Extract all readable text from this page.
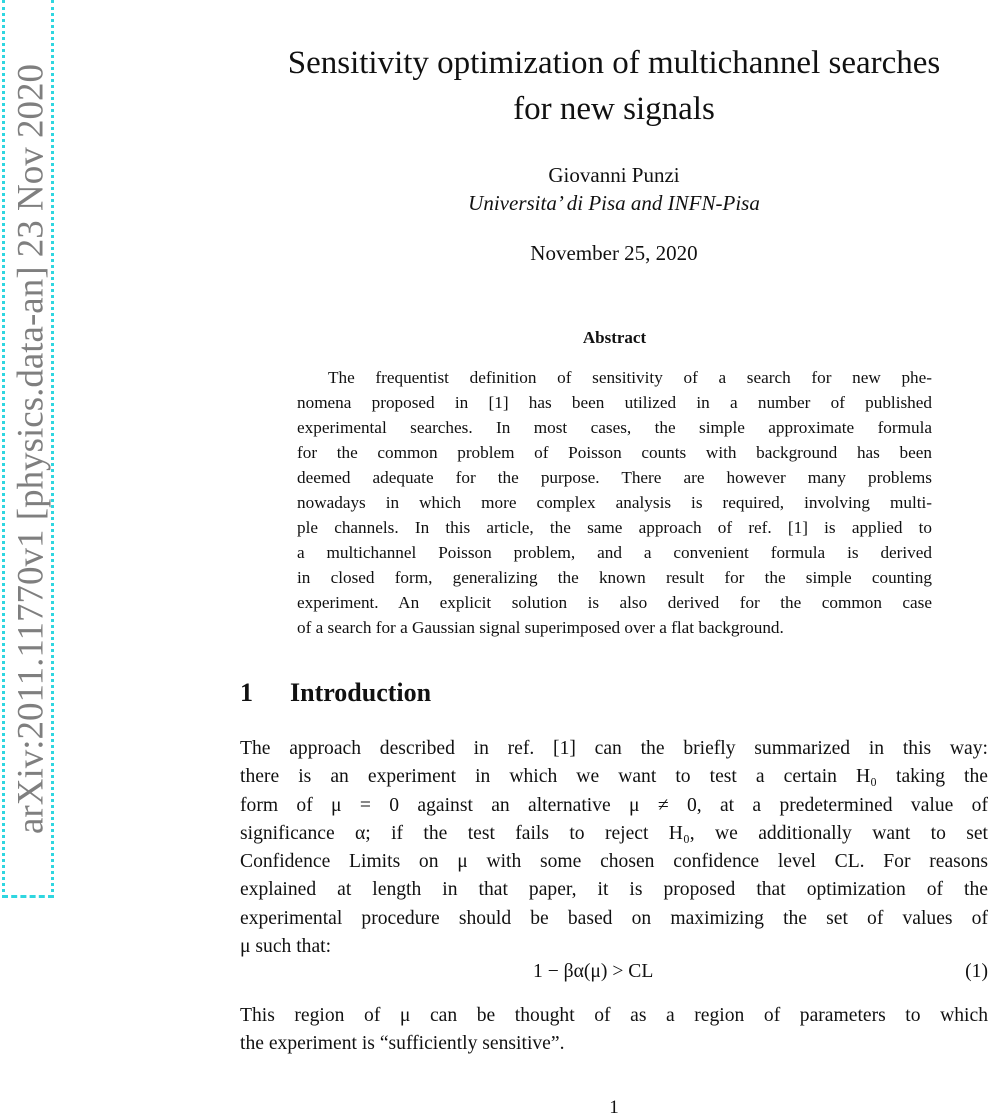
arXiv:2011.11770v1 [physics.data-an] 23 Nov 2020
Sensitivity optimization of multichannel searches
for new signals
Giovanni Punzi
Universita’ di Pisa and INFN-Pisa
November 25, 2020
Abstract
The frequentist definition of sensitivity of a search for new phe-
nomena proposed in [1] has been utilized in a number of published
experimental searches. In most cases, the simple approximate formula
for the common problem of Poisson counts with background has been
deemed adequate for the purpose. There are however many problems
nowadays in which more complex analysis is required, involving multi-
ple channels. In this article, the same approach of ref. [1] is applied to
a multichannel Poisson problem, and a convenient formula is derived
in closed form, generalizing the known result for the simple counting
experiment. An explicit solution is also derived for the common case
of a search for a Gaussian signal superimposed over a flat background.
1 Introduction
The approach described in ref. [1] can the briefly summarized in this way:
there is an experiment in which we want to test a certain H₀ taking the
form of μ = 0 against an alternative μ ≠ 0, at a predetermined value of
significance α; if the test fails to reject H₀, we additionally want to set
Confidence Limits on μ with some chosen confidence level CL. For reasons
explained at length in that paper, it is proposed that optimization of the
experimental procedure should be based on maximizing the set of values of
μ such that:
1 − βα(μ) > CL	(1)
This region of μ can be thought of as a region of parameters to which
the experiment is “sufficiently sensitive”.
1
